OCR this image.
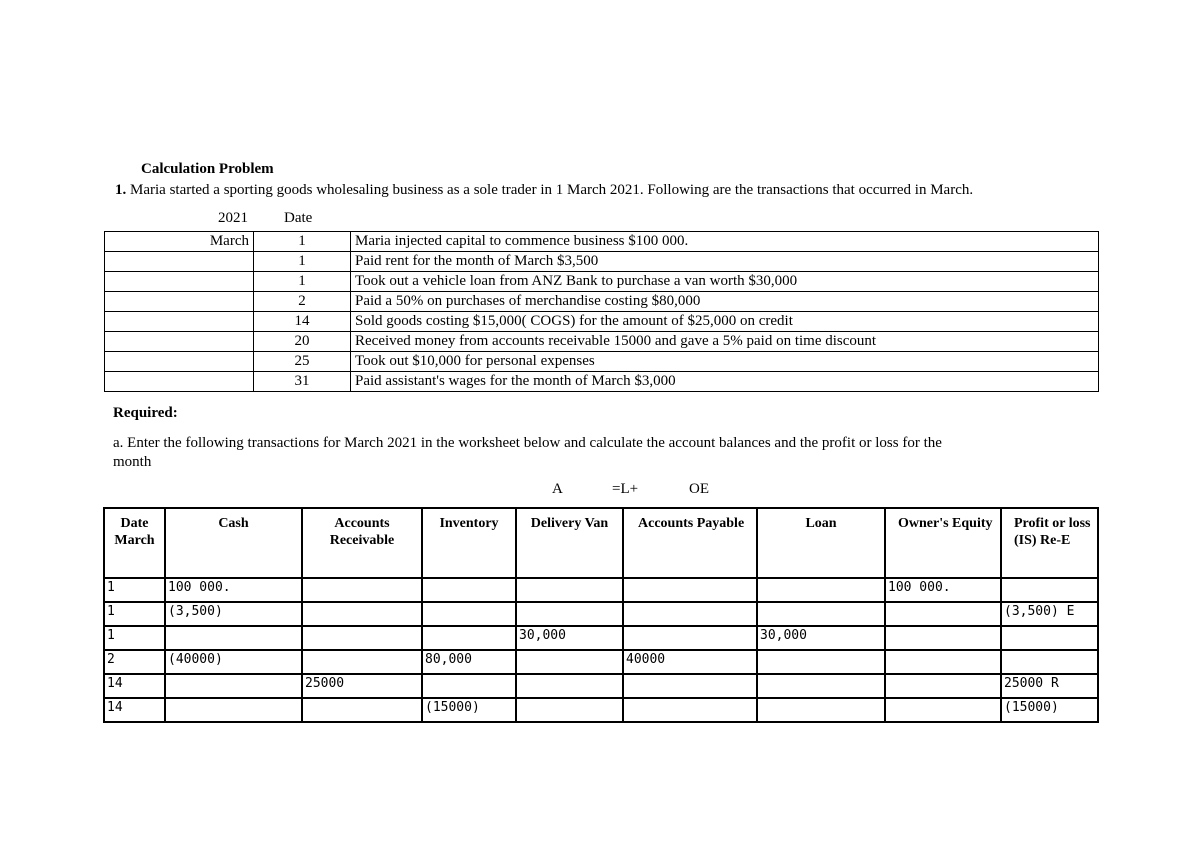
Calculation Problem
1. Maria started a sporting goods wholesaling business as a sole trader in 1 March 2021. Following are the transactions that occurred in March.
2021 Date
March	1	Maria injected capital to commence business $100 000.
	1	Paid rent for the month of March $3,500
	1	Took out a vehicle loan from ANZ Bank to purchase a van worth $30,000
	2	Paid a 50% on purchases of merchandise costing $80,000
	14	Sold goods costing $15,000( COGS) for the amount of $25,000 on credit
	20	Received money from accounts receivable 15000 and gave a 5% paid on time discount
	25	Took out $10,000 for personal expenses
	31	Paid assistant's wages for the month of March $3,000
Required:
a. Enter the following transactions for March 2021 in the worksheet below and calculate the account balances and the profit or loss for the month
A	=L+	OE
Date March	Cash	Accounts Receivable	Inventory	Delivery Van	Accounts Payable	Loan	Owner's Equity	Profit or loss (IS) Re-E
1	100 000.						100 000.	
1	(3,500)							(3,500) E
1				30,000		30,000		
2	(40000)		80,000		40000			
14		25000						25000 R
14			(15000)					(15000)
